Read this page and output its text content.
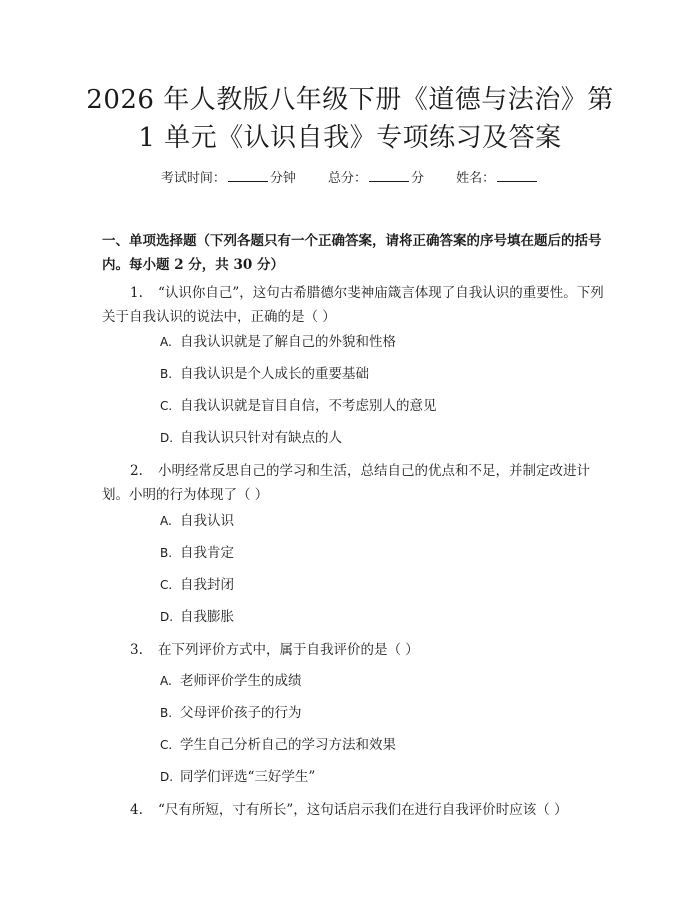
2026 年人教版八年级下册《道德与法治》第
1 单元《认识自我》专项练习及答案
考试时间：	分钟 总分：	分 姓名：
一、单项选择题（下列各题只有一个正确答案，请将正确答案的序号填在题后的括号内。每小题 2 分，共 30 分）
1. “认识你自己”，这句古希腊德尔斐神庙箴言体现了自我认识的重要性。下列关于自我认识的说法中，正确的是（ ）
A. 自我认识就是了解自己的外貌和性格
B. 自我认识是个人成长的重要基础
C. 自我认识就是盲目自信，不考虑别人的意见
D. 自我认识只针对有缺点的人
2. 小明经常反思自己的学习和生活，总结自己的优点和不足，并制定改进计划。小明的行为体现了（ ）
A. 自我认识
B. 自我肯定
C. 自我封闭
D. 自我膨胀
3. 在下列评价方式中，属于自我评价的是（ ）
A. 老师评价学生的成绩
B. 父母评价孩子的行为
C. 学生自己分析自己的学习方法和效果
D. 同学们评选“三好学生”
4. “尺有所短，寸有所长”，这句话启示我们在进行自我评价时应该（ ）
